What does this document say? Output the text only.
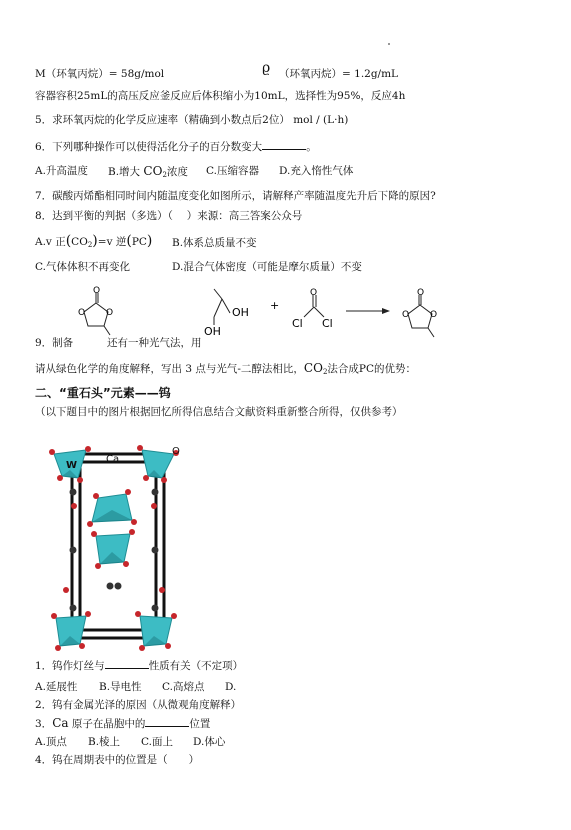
M（环氧丙烷）= 58g/mol	ϱ （环氧丙烷）= 1.2g/mL
容器容积25mL的高压反应釜反应后体积缩小为10mL，选择性为95%，反应4h
5．求环氧丙烷的化学反应速率（精确到小数点后2位） mol / (L·h)
6．下列哪种操作可以使得活化分子的百分数变大	。
A.升高温度 B.增大 $CO_2$浓度 C.压缩容器 D.充入惰性气体
7．碳酸丙烯酯相同时间内随温度变化如图所示，请解释产率随温度先升后下降的原因?
8．达到平衡的判据（多选）（　 ）来源：高三答案公众号
A.v 正$(CO_2)=v$ 逆(PC) B.体系总质量不变
C.气体体积不再变化	D.混合气体密度（可能是摩尔质量）不变
O
O
O	OH
OH
+
O
Cl Cl
O
O
O
9．制备	还有一种光气法，用
请从绿色化学的角度解释，写出 3 点与光气-二醇法相比，$CO_2$法合成PC的优势：
二、“重石头”元素——钨
（以下题目中的图片根据回忆所得信息结合文献资料重新整合所得，仅供参考）
W
Ca
O
1．钨作灯丝与	性质有关（不定项）
A.延展性 B.导电性 C.高熔点 D.
2．钨有金属光泽的原因（从微观角度解释）
3．Ca 原子在晶胞中的	位置
A.顶点 B.棱上 C.面上 D.体心
4．钨在周期表中的位置是（　　）
